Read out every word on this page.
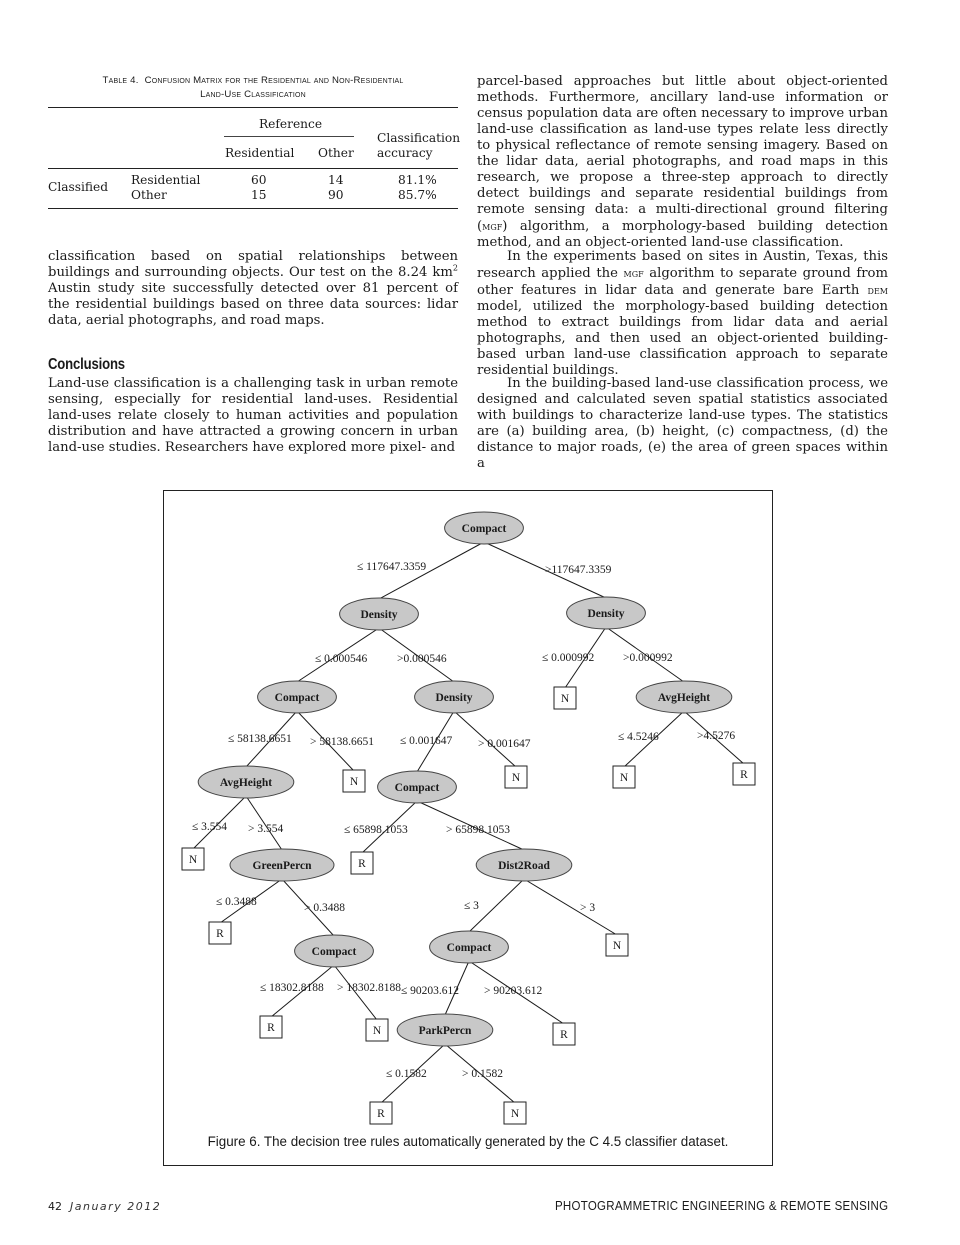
Table 4. Confusion Matrix for the Residential and Non-Residential
Land-Use Classification
Reference
Residential Other
Classification
accuracy
Classified Residential	60	14	81.1%
Other	15	90	85.7%

classification based on spatial relationships between buildings and surrounding objects. Our test on the 8.24 $km^2$ Austin study site successfully detected over 81 percent of the residential buildings based on three data sources: lidar data, aerial photographs, and road maps.

Conclusions

Land-use classification is a challenging task in urban remote sensing, especially for residential land-uses. Residential land-uses relate closely to human activities and population distribution and have attracted a growing concern in urban land-use studies. Researchers have explored more pixel- and

parcel-based approaches but little about object-oriented methods. Furthermore, ancillary land-use information or census population data are often necessary to improve urban land-use classification as land-use types relate less directly to physical reflectance of remote sensing imagery. Based on the lidar data, aerial photographs, and road maps in this research, we propose a three-step approach to directly detect buildings and separate residential buildings from remote sensing data: a multi-directional ground filtering (mgf) algorithm, a morphology-based building detection method, and an object-oriented land-use classification.

In the experiments based on sites in Austin, Texas, this research applied the mgf algorithm to separate ground from other features in lidar data and generate bare Earth dem model, utilized the morphology-based building detection method to extract buildings from lidar data and aerial photographs, and then used an object-oriented building-based urban land-use classification approach to separate residential buildings.

In the building-based land-use classification process, we designed and calculated seven spatial statistics associated with buildings to characterize land-use types. The statistics are (a) building area, (b) height, (c) compactness, (d) the distance to major roads, (e) the area of green spaces within a

Compact
Density	Density
Compact	Density	N	AvgHeight
AvgHeight	N	Compact
N	N	R
N	GreenPercn	R	Dist2Road
R
Compact	Compact	N
R	N	ParkPercn	R
R	N
≤ 117647.3359	>117647.3359
≤ 0.000546	>0.000546	≤ 0.000992 >0.000992
≤ 58138.6651 > 58138.6651 ≤ 0.001647 > 0.001647
≤ 4.5246	>4.5276
≤ 3.554 > 3.554	≤ 65898.1053	> 65898.1053
≤ 0.3488	> 0.3488	≤ 3	> 3
≤ 18302.8188 > 18302.8188 ≤ 90203.612 > 90203.612
≤ 0.1582	> 0.1582
Figure 6. The decision tree rules automatically generated by the C 4.5 classifier dataset.
42 January 2012	PHOTOGRAMMETRIC ENGINEERING & REMOTE SENSING
